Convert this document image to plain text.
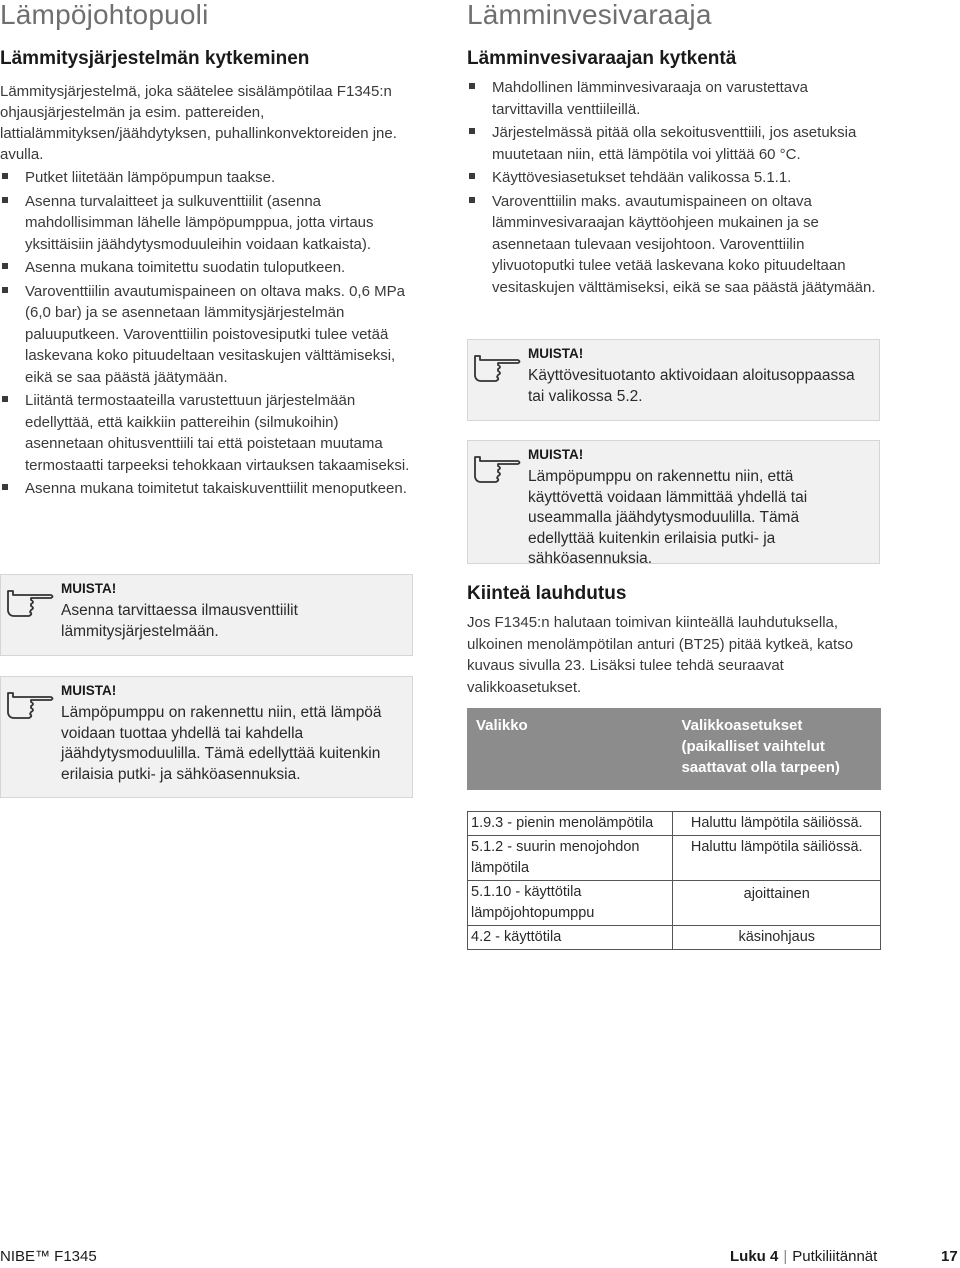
Lämpöjohtopuoli
Lämmitysjärjestelmän kytkeminen

Lämmitysjärjestelmä, joka säätelee sisälämpötilaa F1345:n ohjausjärjestelmän ja esim. pattereiden, lattialämmityksen/jäähdytyksen, puhallinkonvektoreiden jne. avulla.

Putket liitetään lämpöpumpun taakse.
Asenna turvalaitteet ja sulkuventtiilit (asenna mahdollisimman lähelle lämpöpumppua, jotta virtaus yksittäisiin jäähdytysmoduuleihin voidaan katkaista).
Asenna mukana toimitettu suodatin tuloputkeen.
Varoventtiilin avautumispaineen on oltava maks. 0,6 MPa (6,0 bar) ja se asennetaan lämmitysjärjestelmän paluuputkeen. Varoventtiilin poistovesiputki tulee vetää laskevana koko pituudeltaan vesitaskujen välttämiseksi, eikä se saa päästä jäätymään.
Liitäntä termostaateilla varustettuun järjestelmään edellyttää, että kaikkiin pattereihin (silmukoihin) asennetaan ohitusventtiili tai että poistetaan muutama termostaatti tarpeeksi tehokkaan virtauksen takaamiseksi.
Asenna mukana toimitetut takaiskuventtiilit menoputkeen.
MUISTA!
Asenna tarvittaessa ilmausventtiilit lämmitysjärjestelmään.
MUISTA!
Lämpöpumppu on rakennettu niin, että lämpöä voidaan tuottaa yhdellä tai kahdella jäähdytysmoduulilla. Tämä edellyttää kuitenkin erilaisia putki- ja sähköasennuksia.
Lämminvesivaraaja
Lämminvesivaraajan kytkentä
Mahdollinen lämminvesivaraaja on varustettava tarvittavilla venttiileillä.
Järjestelmässä pitää olla sekoitusventtiili, jos asetuksia muutetaan niin, että lämpötila voi ylittää 60 °C.
Käyttövesiasetukset tehdään valikossa 5.1.1.
Varoventtiilin maks. avautumispaineen on oltava lämminvesivaraajan käyttöohjeen mukainen ja se asennetaan tulevaan vesijohtoon. Varoventtiilin ylivuotoputki tulee vetää laskevana koko pituudeltaan vesitaskujen välttämiseksi, eikä se saa päästä jäätymään.
MUISTA!
Käyttövesituotanto aktivoidaan aloitusoppaassa tai valikossa 5.2.
MUISTA!
Lämpöpumppu on rakennettu niin, että käyttövettä voidaan lämmittää yhdellä tai useammalla jäähdytysmoduulilla. Tämä edellyttää kuitenkin erilaisia putki- ja sähköasennuksia.
Kiinteä lauhdutus

Jos F1345:n halutaan toimivan kiinteällä lauhdutuksella, ulkoinen menolämpötilan anturi (BT25) pitää kytkeä, katso kuvaus sivulla 23. Lisäksi tulee tehdä seuraavat valikkoasetukset.

Valikko	Valikkoasetukset (paikalliset vaihtelut saattavat olla tarpeen)

1.9.3 - pienin menolämpötila	Haluttu lämpötila säiliössä.
5.1.2 - suurin menojohdon lämpötila	Haluttu lämpötila säiliössä.
5.1.10 - käyttötila lämpöjohtopumppu	ajoittainen
4.2 - käyttötila	käsinohjaus
NIBE™ F1345	Luku 4 | Putkiliitännät	17
